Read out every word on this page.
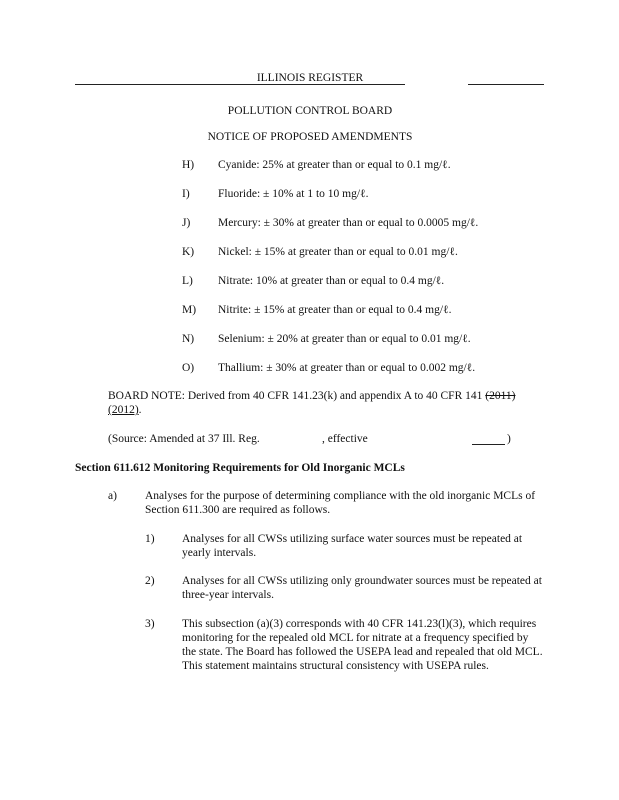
ILLINOIS REGISTER
POLLUTION CONTROL BOARD
NOTICE OF PROPOSED AMENDMENTS
H) Cyanide: 25% at greater than or equal to 0.1 mg/ℓ.
I) Fluoride: ± 10% at 1 to 10 mg/ℓ.
J) Mercury: ± 30% at greater than or equal to 0.0005 mg/ℓ.
K) Nickel: ± 15% at greater than or equal to 0.01 mg/ℓ.
L) Nitrate: 10% at greater than or equal to 0.4 mg/ℓ.
M) Nitrite: ± 15% at greater than or equal to 0.4 mg/ℓ.
N) Selenium: ± 20% at greater than or equal to 0.01 mg/ℓ.
O) Thallium: ± 30% at greater than or equal to 0.002 mg/ℓ.
BOARD NOTE: Derived from 40 CFR 141.23(k) and appendix A to 40 CFR 141 (2011)
(2012).
(Source: Amended at 37 Ill. Reg.	, effective	)
Section 611.612 Monitoring Requirements for Old Inorganic MCLs
a) Analyses for the purpose of determining compliance with the old inorganic MCLs of Section 611.300 are required as follows.
1) Analyses for all CWSs utilizing surface water sources must be repeated at yearly intervals.
2) Analyses for all CWSs utilizing only groundwater sources must be repeated at three-year intervals.
3) This subsection (a)(3) corresponds with 40 CFR 141.23(l)(3), which requires monitoring for the repealed old MCL for nitrate at a frequency specified by the state. The Board has followed the USEPA lead and repealed that old MCL. This statement maintains structural consistency with USEPA rules.
